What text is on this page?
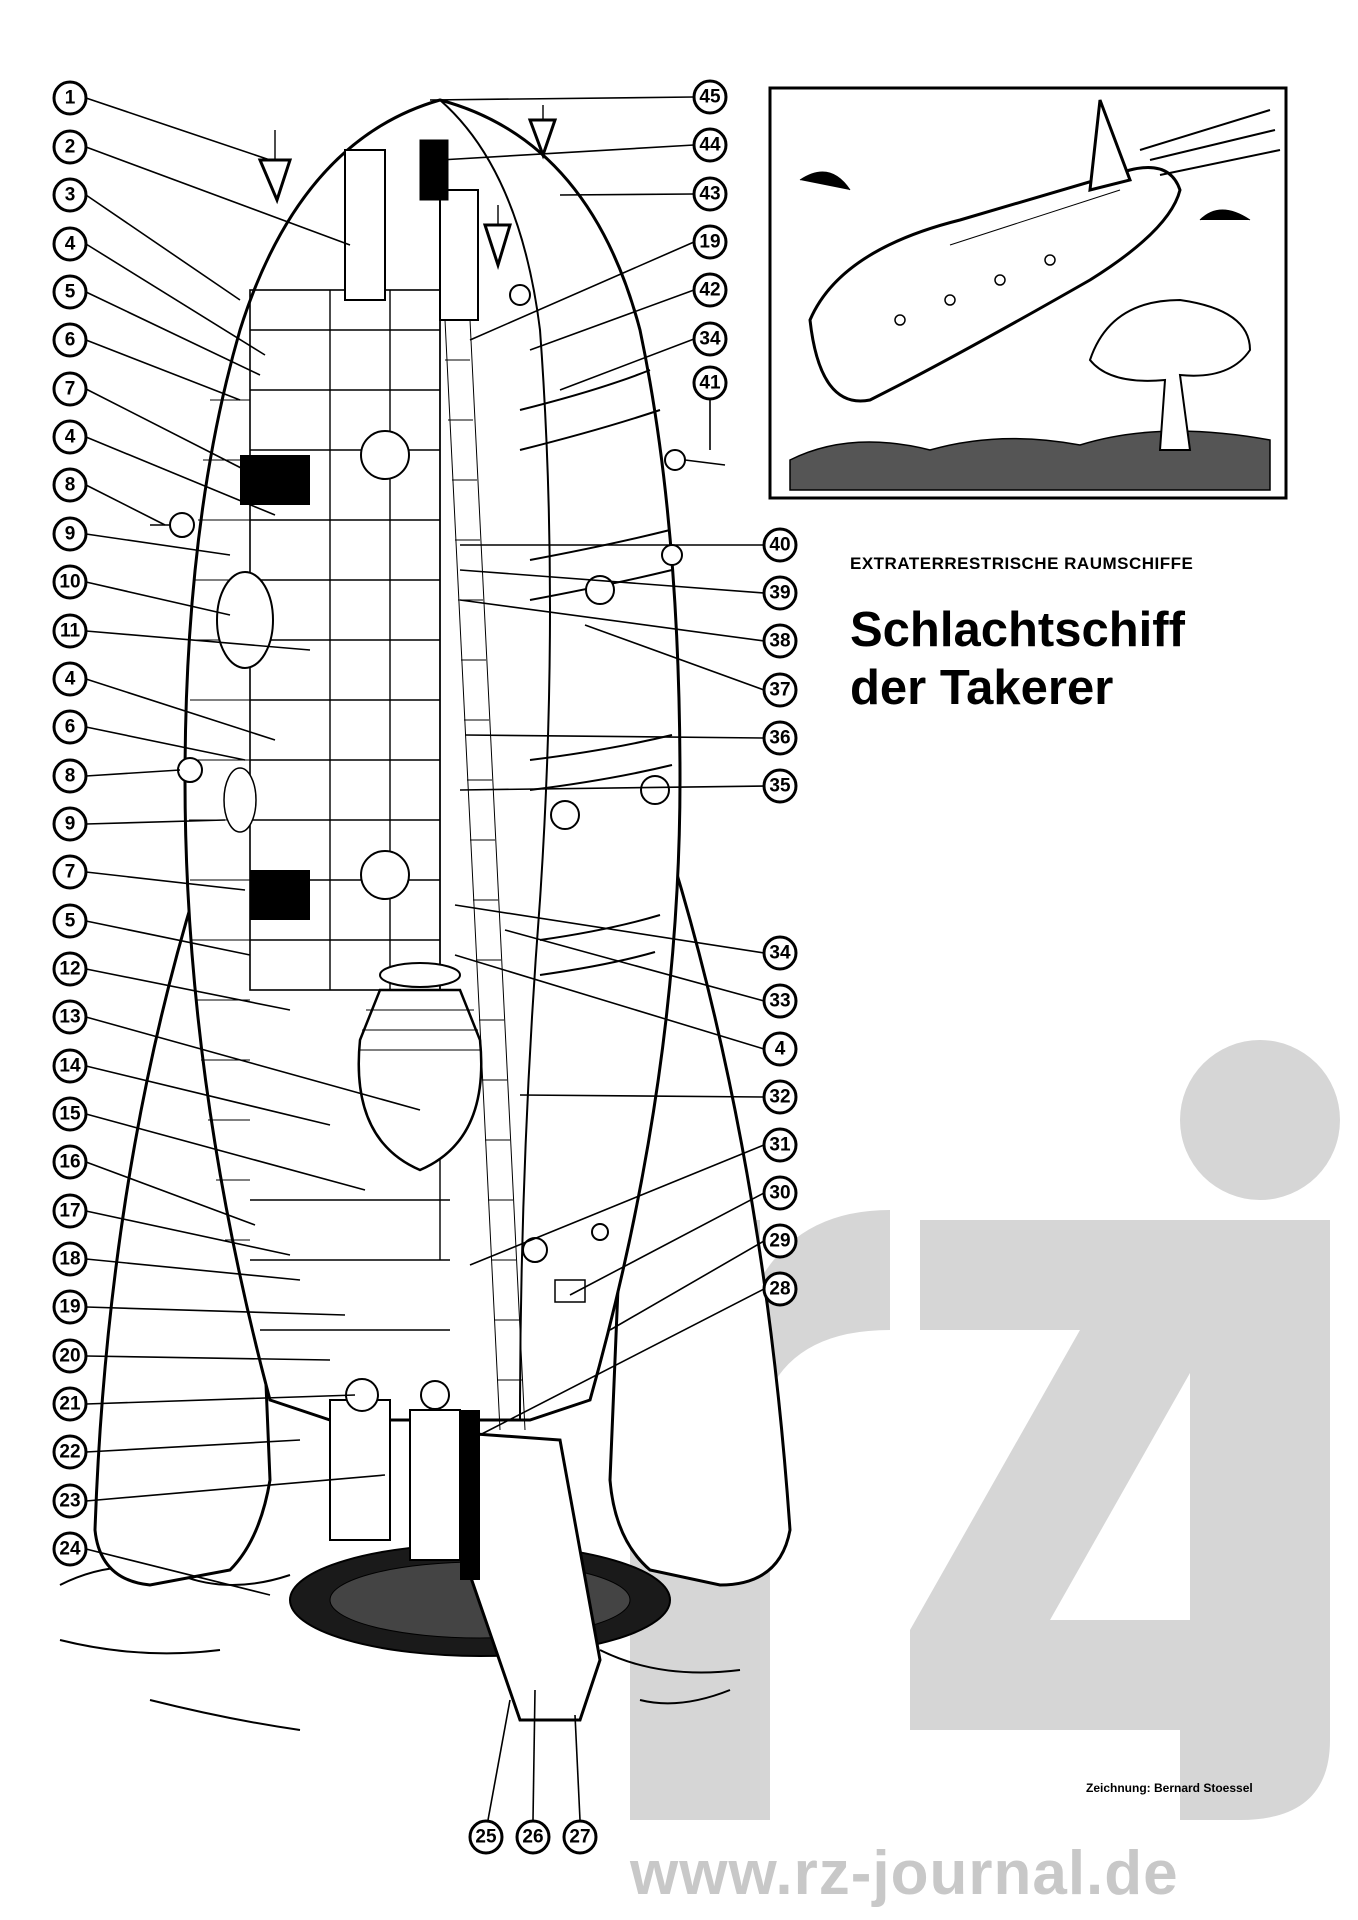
1
2
3
4
5
6
7
4
8
9
10
11
4
6
8
9
7
5
12
13
14
15
16
17
18
19
20
21
22
23
24
25 26 27
45
44
43
19
42
34
41
40
39
38
37
36
35
34
33
4
32
31
30
29
28
EXTRATERRESTRISCHE RAUMSCHIFFE
Schlachtschiff
der Takerer
Zeichnung: Bernard Stoessel
www.rz-journal.de
